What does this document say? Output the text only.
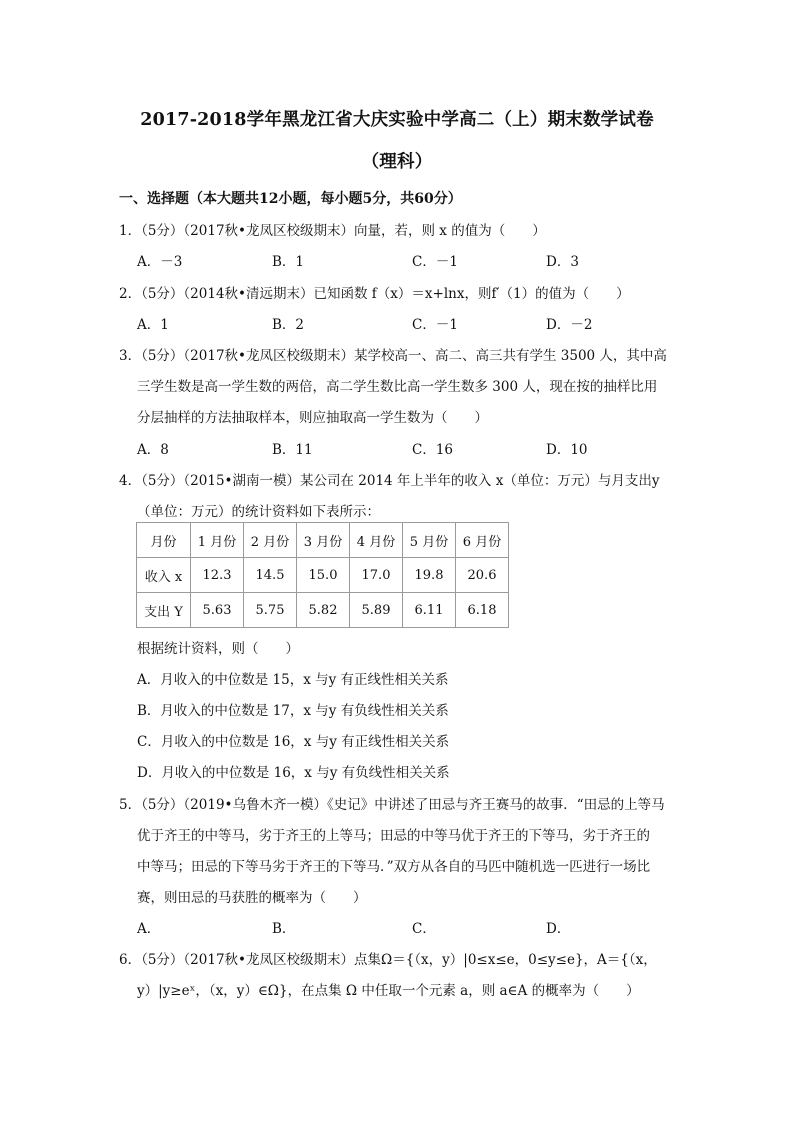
2017-2018学年黑龙江省大庆实验中学高二（上）期末数学试卷
（理科）
一、选择题（本大题共12小题，每小题5分，共60分）
1．（5分）（2017秋•龙凤区校级期末）向量，若，则 x 的值为（　　）
A．－3	B．1	C．－1	D．3
2．（5分）（2014秋•清远期末）已知函数 f（x）＝x+lnx，则f′（1）的值为（　　）
A．1	B．2	C．－1	D．－2
3．（5分）（2017秋•龙凤区校级期末）某学校高一、高二、高三共有学生 3500 人，其中高
三学生数是高一学生数的两倍，高二学生数比高一学生数多 300 人，现在按的抽样比用
分层抽样的方法抽取样本，则应抽取高一学生数为（　　）
A．8	B．11	C．16	D．10
4．（5分）（2015•湖南一模）某公司在 2014 年上半年的收入 x（单位：万元）与月支出y
（单位：万元）的统计资料如下表所示：
月份	1 月份	2 月份	3 月份	4 月份	5 月份	6 月份
收入 x	12.3	14.5	15.0	17.0	19.8	20.6
支出 Y	5.63	5.75	5.82	5.89	6.11	6.18
根据统计资料，则（　　）
A．月收入的中位数是 15，x 与y 有正线性相关关系
B．月收入的中位数是 17，x 与y 有负线性相关关系
C．月收入的中位数是 16，x 与y 有正线性相关关系
D．月收入的中位数是 16，x 与y 有负线性相关关系
5．（5分）（2019•乌鲁木齐一模）《史记》中讲述了田忌与齐王赛马的故事．“田忌的上等马
优于齐王的中等马，劣于齐王的上等马；田忌的中等马优于齐王的下等马，劣于齐王的
中等马；田忌的下等马劣于齐王的下等马．”双方从各自的马匹中随机选一匹进行一场比
赛，则田忌的马获胜的概率为（　　）
A．	B．	C．	D．
6．（5分）（2017秋•龙凤区校级期末）点集Ω＝{（x，y）|0≤x≤e，0≤y≤e}，A＝{（x，
y）|y≥eˣ，（x，y）∈Ω}，在点集 Ω 中任取一个元素 a，则 a∈A 的概率为（　　）
